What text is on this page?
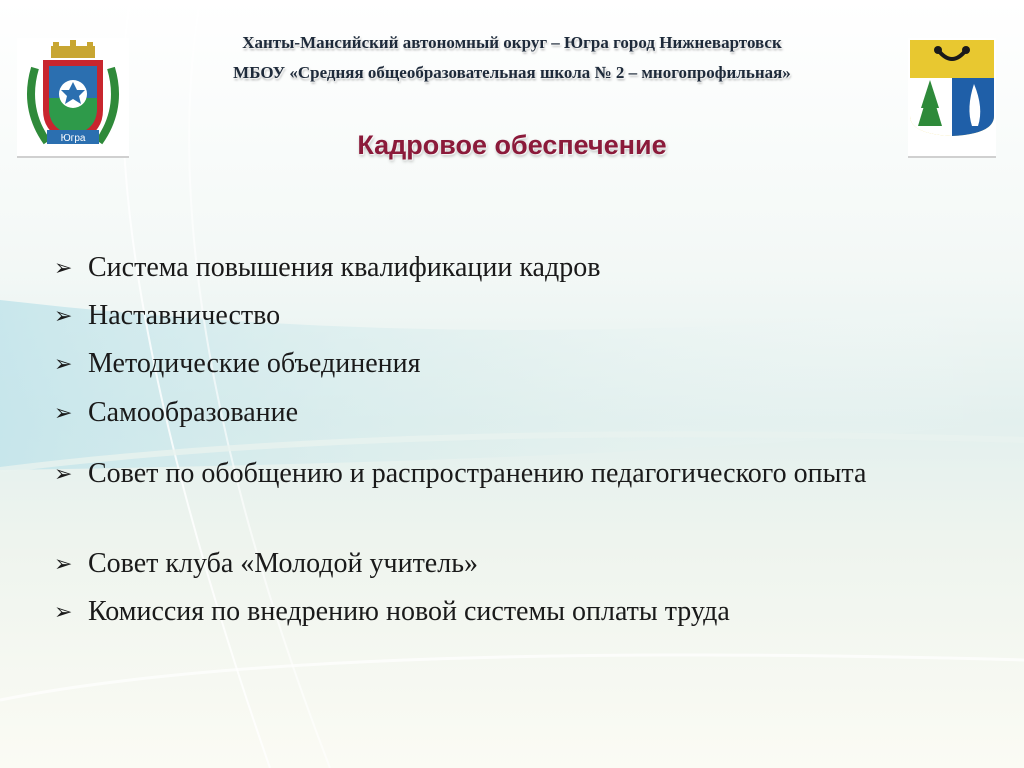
Югра
Ханты-Мансийский автономный округ – Югра город Нижневартовск
МБОУ «Средняя общеобразовательная школа № 2 – многопрофильная»
Кадровое обеспечение
➢ Система повышения квалификации кадров
➢ Наставничество
➢ Методические объединения
➢ Самообразование
➢ Совет по обобщению и распространению педагогического опыта
➢ Совет клуба «Молодой учитель»
➢ Комиссия по внедрению новой системы оплаты труда
